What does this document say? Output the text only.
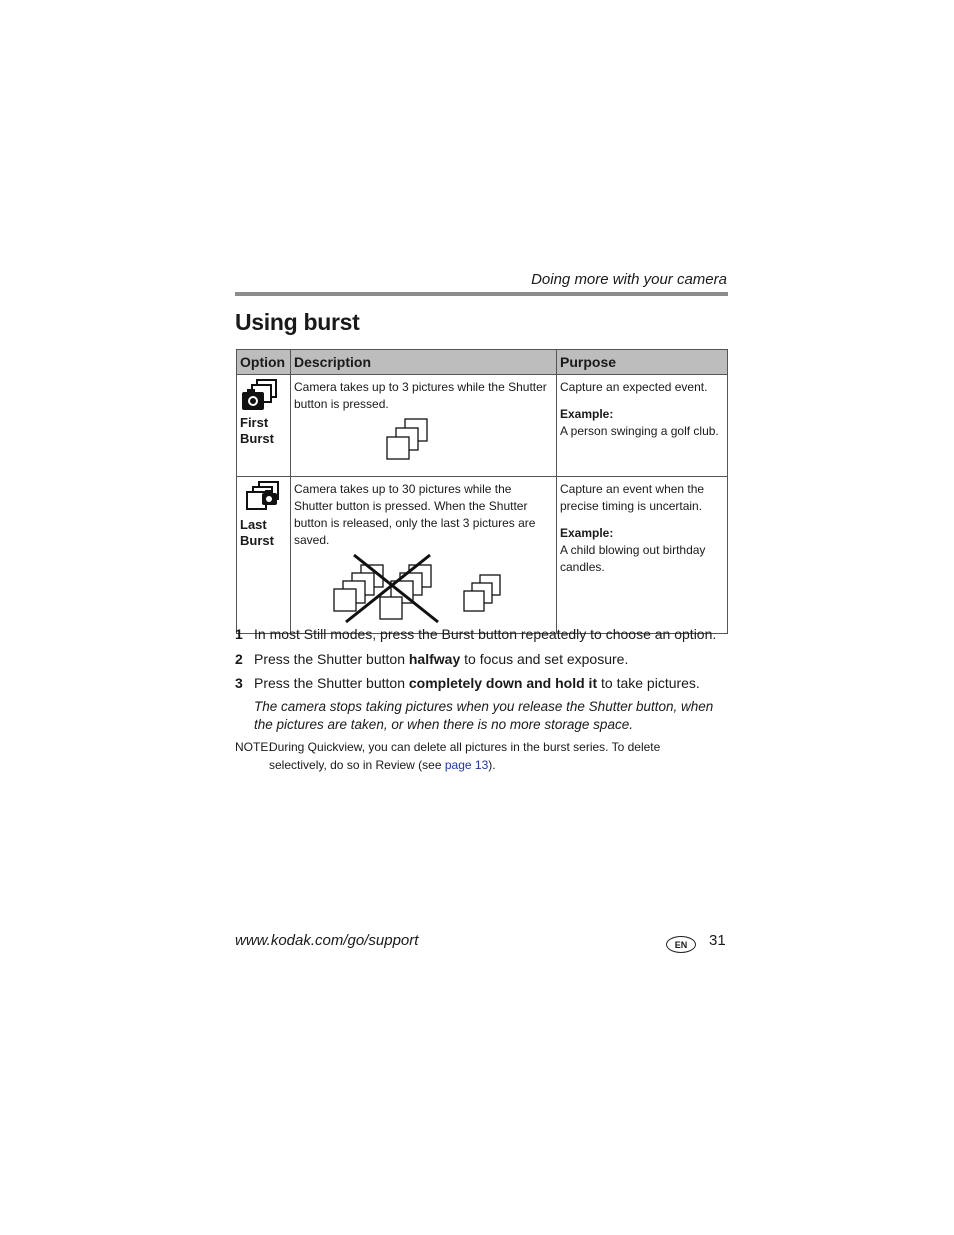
Doing more with your camera
Using burst
Option	Description	Purpose

First
Burst	Camera takes up to 3 pictures while the Shutter button is pressed.	Capture an expected event.
Example:
A person swinging a golf club.

Last
Burst	Camera takes up to 30 pictures while the Shutter button is pressed. When the Shutter button is released, only the last 3 pictures are saved.	Capture an event when the precise timing is uncertain.
Example:
A child blowing out birthday candles.
1 In most Still modes, press the Burst button repeatedly to choose an option.
2 Press the Shutter button halfway to focus and set exposure.
3 Press the Shutter button completely down and hold it to take pictures.
The camera stops taking pictures when you release the Shutter button, when the pictures are taken, or when there is no more storage space.
NOTE:
During Quickview, you can delete all pictures in the burst series. To delete selectively, do so in Review (see page 13).
www.kodak.com/go/support	EN	31
